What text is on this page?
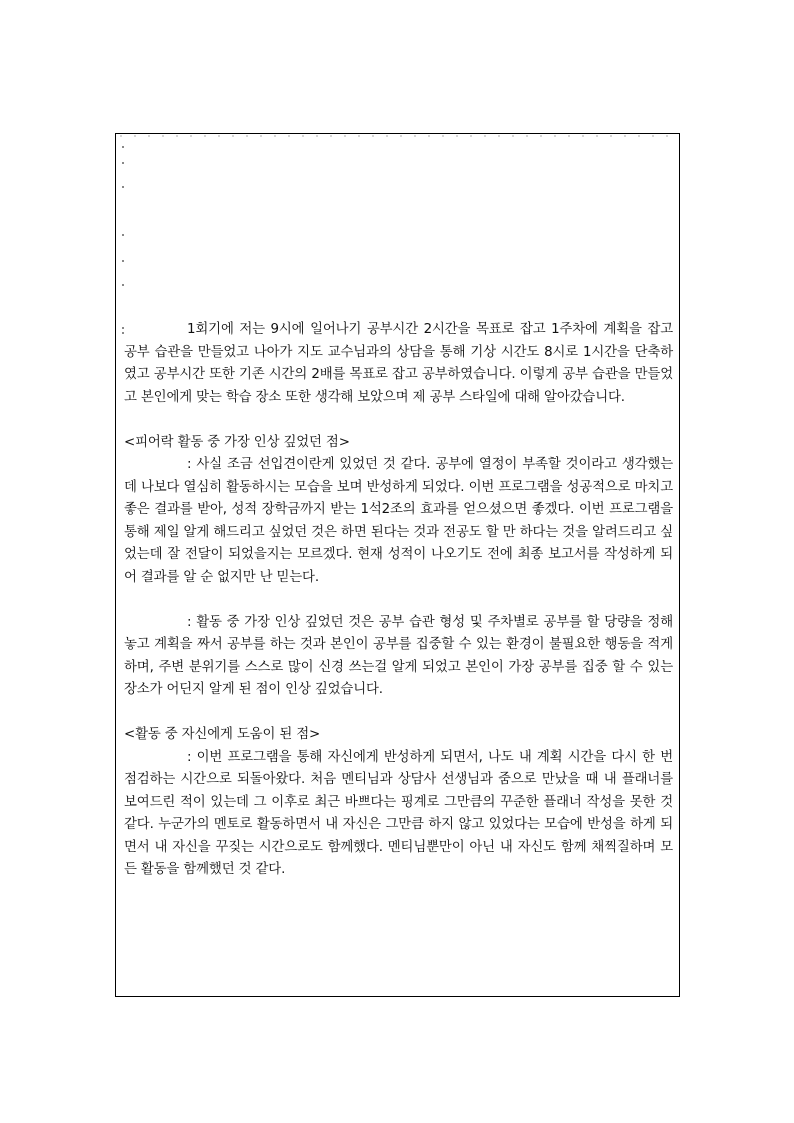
1회기에 저는 9시에 일어나기 공부시간 2시간을 목표로 잡고 1주차에 계획을 잡고 공부 습관을 만들었고 나아가 지도 교수님과의 상담을 통해 기상 시간도 8시로 1시간을 단축하였고 공부시간 또한 기존 시간의 2배를 목표로 잡고 공부하였습니다. 이렇게 공부 습관을 만들었고 본인에게 맞는 학습 장소 또한 생각해 보았으며 제 공부 스타일에 대해 알아갔습니다.

<피어락 활동 중 가장 인상 깊었던 점>

: 사실 조금 선입견이란게 있었던 것 같다. 공부에 열정이 부족할 것이라고 생각했는데 나보다 열심히 활동하시는 모습을 보며 반성하게 되었다. 이번 프로그램을 성공적으로 마치고 좋은 결과를 받아, 성적 장학금까지 받는 1석2조의 효과를 얻으셨으면 좋겠다. 이번 프로그램을 통해 제일 알게 해드리고 싶었던 것은 하면 된다는 것과 전공도 할 만 하다는 것을 알려드리고 싶었는데 잘 전달이 되었을지는 모르겠다. 현재 성적이 나오기도 전에 최종 보고서를 작성하게 되어 결과를 알 순 없지만 난 믿는다.

: 활동 중 가장 인상 깊었던 것은 공부 습관 형성 및 주차별로 공부를 할 당량을 정해놓고 계획을 짜서 공부를 하는 것과 본인이 공부를 집중할 수 있는 환경이 불필요한 행동을 적게 하며, 주변 분위기를 스스로 많이 신경 쓰는걸 알게 되었고 본인이 가장 공부를 집중 할 수 있는 장소가 어딘지 알게 된 점이 인상 깊었습니다.

<활동 중 자신에게 도움이 된 점>

: 이번 프로그램을 통해 자신에게 반성하게 되면서, 나도 내 계획 시간을 다시 한 번 점검하는 시간으로 되돌아왔다. 처음 멘티님과 상담사 선생님과 줌으로 만났을 때 내 플래너를 보여드린 적이 있는데 그 이후로 최근 바쁘다는 핑계로 그만큼의 꾸준한 플래너 작성을 못한 것 같다. 누군가의 멘토로 활동하면서 내 자신은 그만큼 하지 않고 있었다는 모습에 반성을 하게 되면서 내 자신을 꾸짖는 시간으로도 함께했다. 멘티님뿐만이 아닌 내 자신도 함께 채찍질하며 모든 활동을 함께했던 것 같다.
